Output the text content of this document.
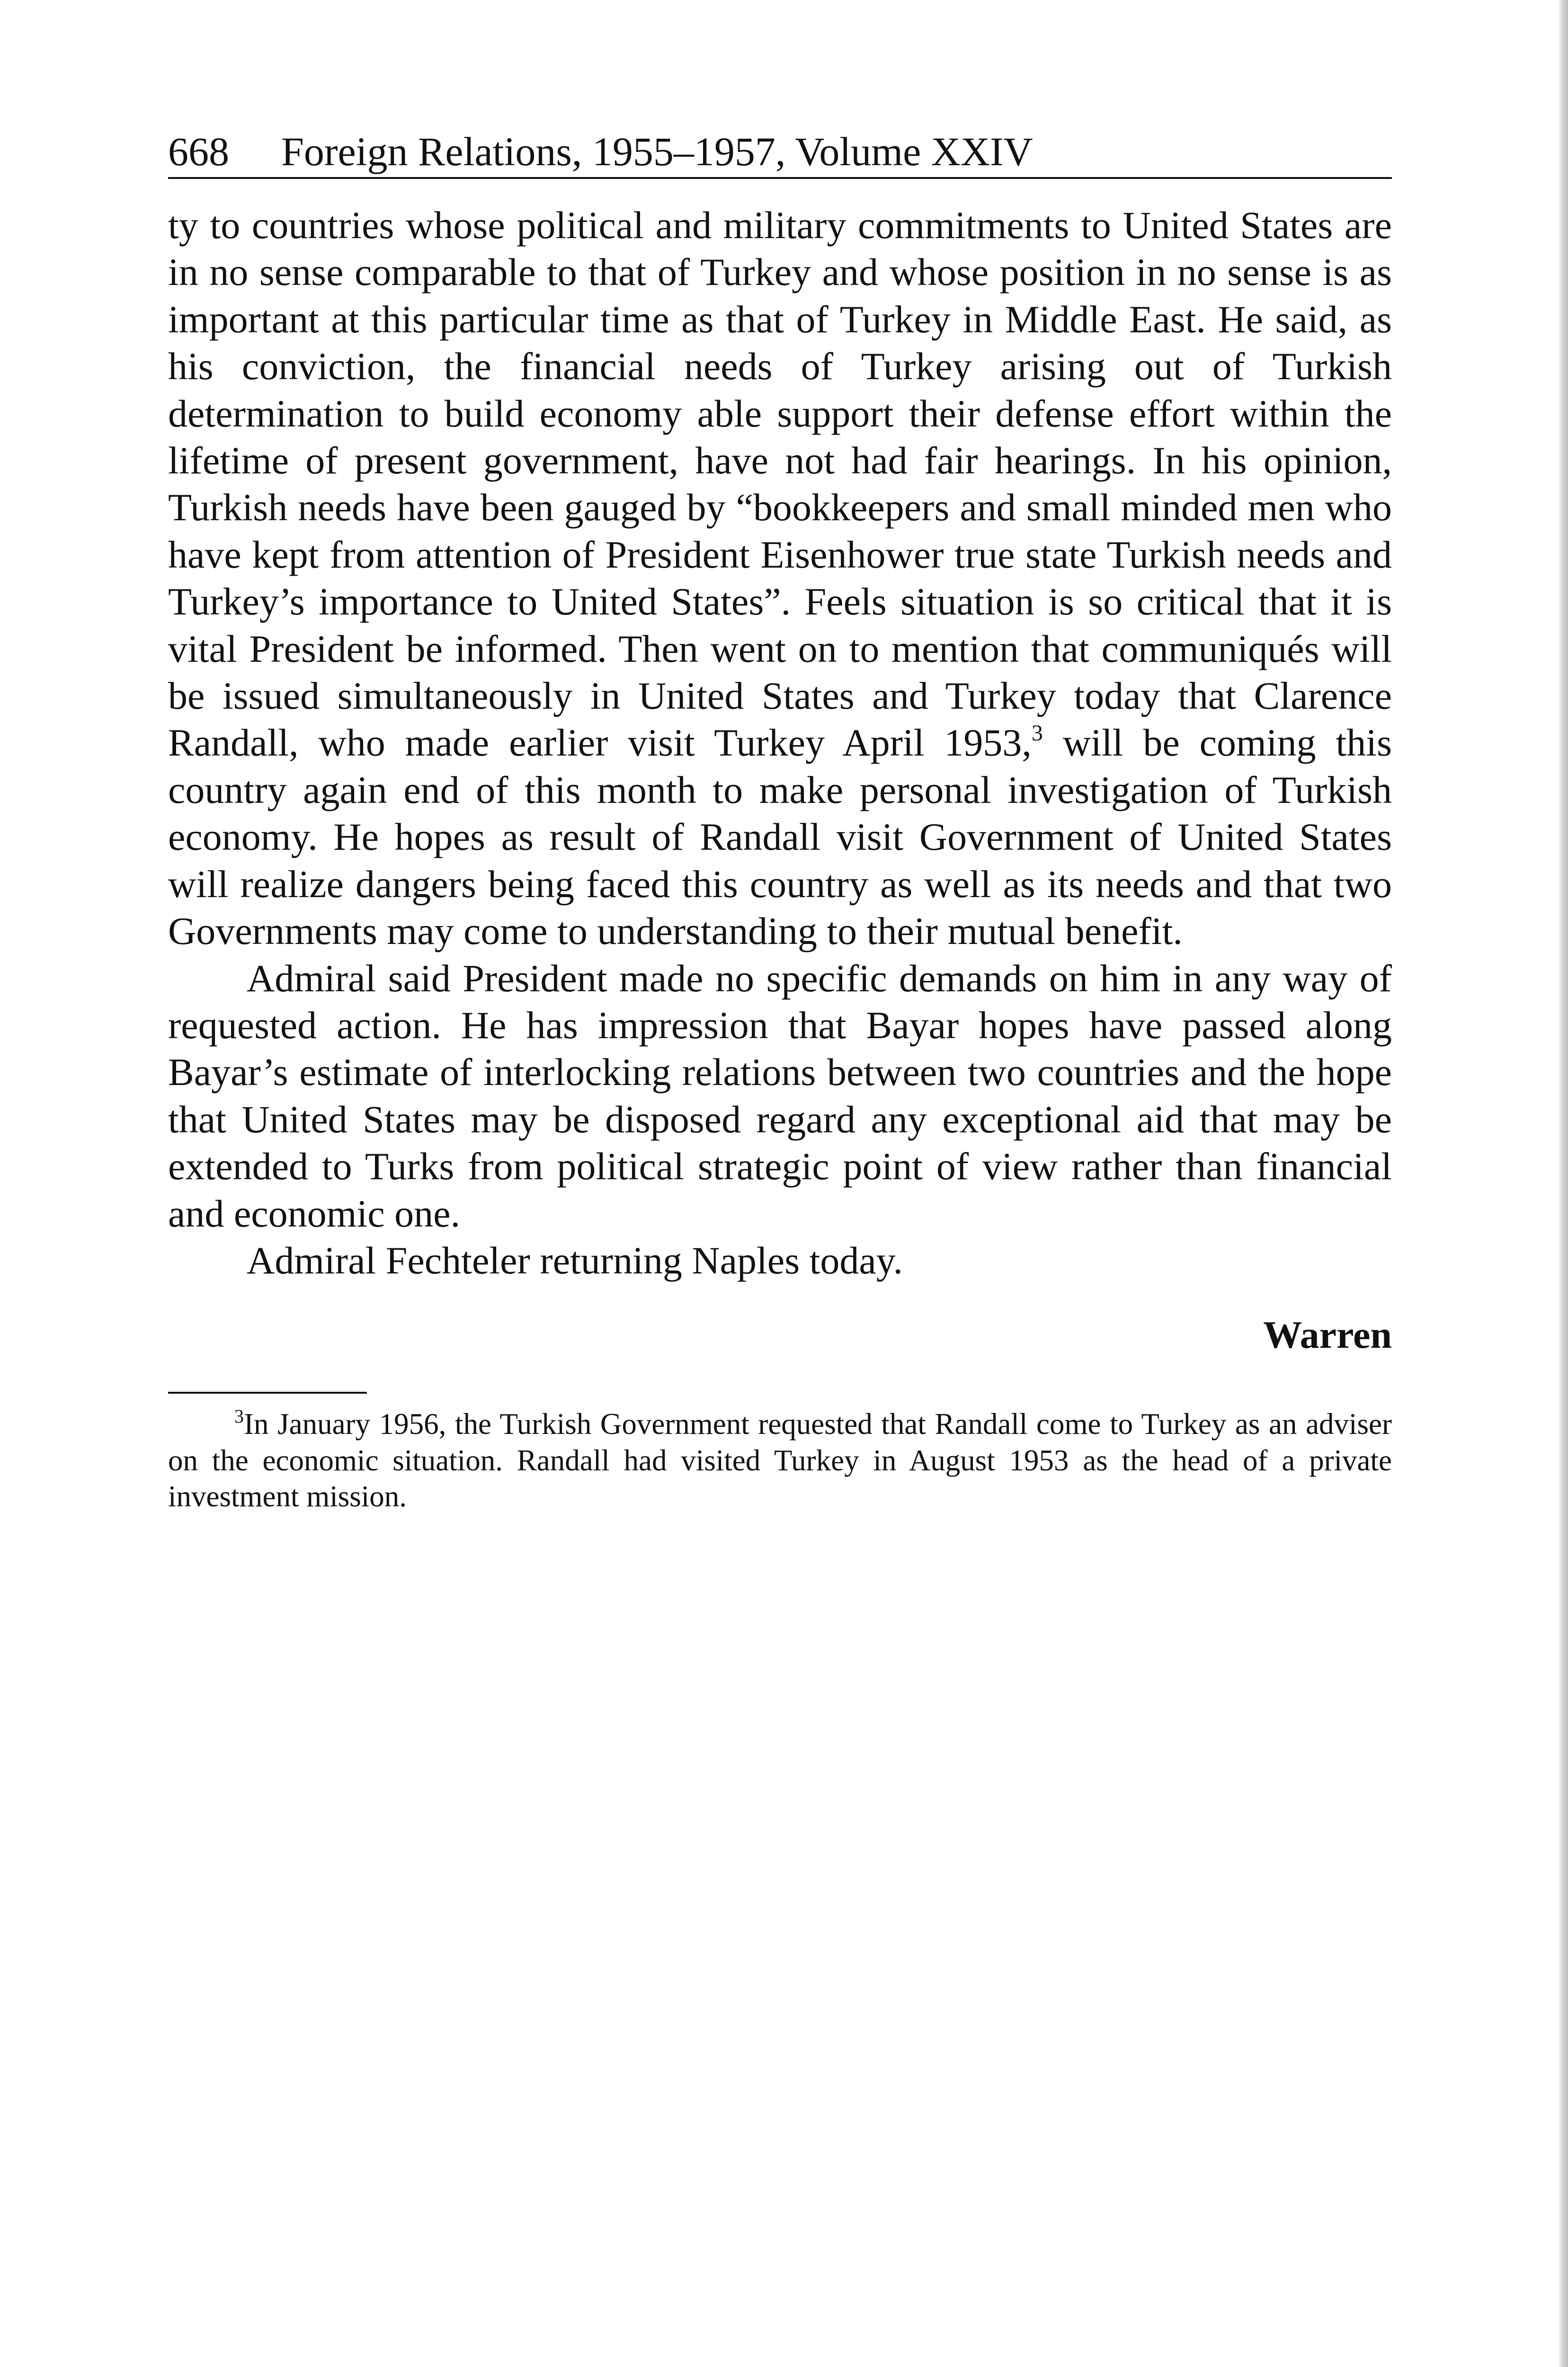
668 Foreign Relations, 1955–1957, Volume XXIV

ty to countries whose political and military commitments to United States are in no sense comparable to that of Turkey and whose position in no sense is as important at this particular time as that of Turkey in Middle East. He said, as his conviction, the financial needs of Turkey arising out of Turkish determination to build economy able support their defense effort within the lifetime of present government, have not had fair hearings. In his opinion, Turkish needs have been gauged by “bookkeepers and small minded men who have kept from attention of President Eisenhower true state Turkish needs and Turkey’s importance to United States”. Feels situation is so critical that it is vital President be informed. Then went on to mention that communiqués will be issued simultaneously in United States and Turkey today that Clarence Randall, who made earlier visit Turkey April 1953,$^3$ will be coming this country again end of this month to make personal investigation of Turkish economy. He hopes as result of Randall visit Government of United States will realize dangers being faced this country as well as its needs and that two Governments may come to understanding to their mutual benefit.

Admiral said President made no specific demands on him in any way of requested action. He has impression that Bayar hopes have passed along Bayar’s estimate of interlocking relations between two countries and the hope that United States may be disposed regard any exceptional aid that may be extended to Turks from political strategic point of view rather than financial and economic one.

Admiral Fechteler returning Naples today.

Warren

$^3$In January 1956, the Turkish Government requested that Randall come to Turkey as an adviser on the economic situation. Randall had visited Turkey in August 1953 as the head of a private investment mission.
